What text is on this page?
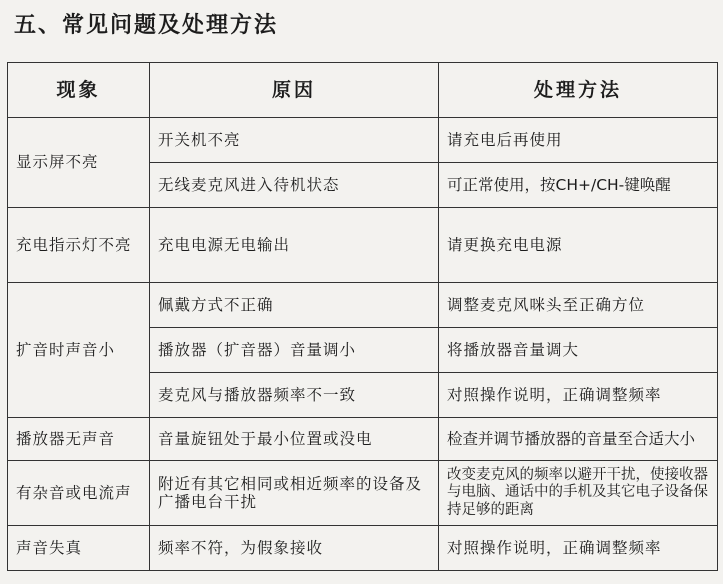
五、常见问题及处理方法
现象	原因	处理方法
显示屏不亮	开关机不亮	请充电后再使用
	无线麦克风进入待机状态	可正常使用，按CH+/CH-键唤醒
充电指示灯不亮	充电电源无电输出	请更换充电电源
扩音时声音小	佩戴方式不正确	调整麦克风咪头至正确方位
	播放器（扩音器）音量调小	将播放器音量调大
	麦克风与播放器频率不一致	对照操作说明，正确调整频率
播放器无声音	音量旋钮处于最小位置或没电	检查并调节播放器的音量至合适大小
有杂音或电流声	附近有其它相同或相近频率的设备及广播电台干扰	改变麦克风的频率以避开干扰，使接收器与电脑、通话中的手机及其它电子设备保持足够的距离
声音失真	频率不符，为假象接收	对照操作说明，正确调整频率
